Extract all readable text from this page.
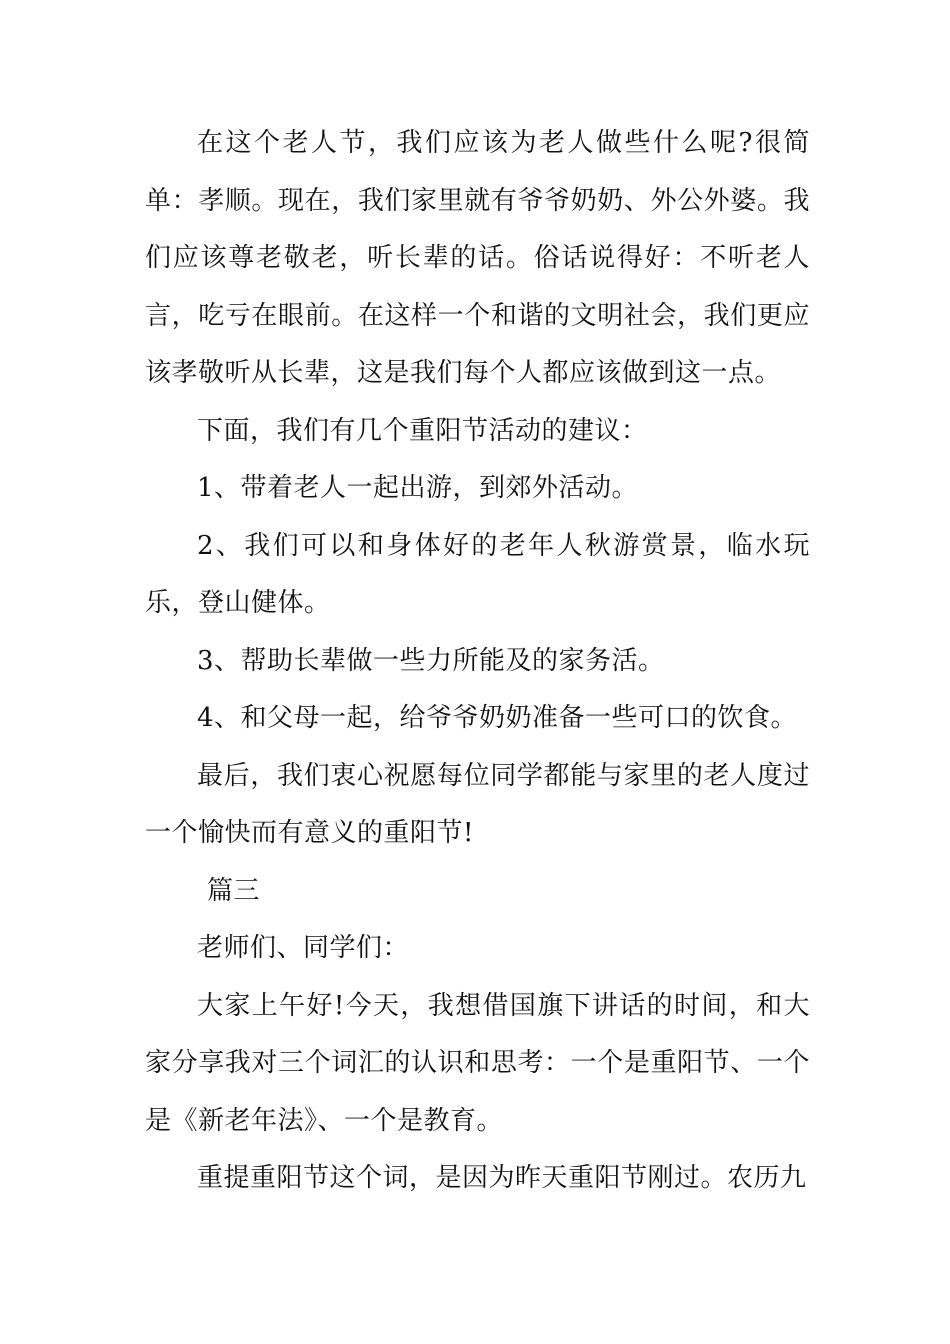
在这个老人节，我们应该为老人做些什么呢?很简单：孝顺。现在，我们家里就有爷爷奶奶、外公外婆。我们应该尊老敬老，听长辈的话。俗话说得好：不听老人言，吃亏在眼前。在这样一个和谐的文明社会，我们更应该孝敬听从长辈，这是我们每个人都应该做到这一点。

下面，我们有几个重阳节活动的建议：

1、带着老人一起出游，到郊外活动。

2、我们可以和身体好的老年人秋游赏景，临水玩乐，登山健体。

3、帮助长辈做一些力所能及的家务活。

4、和父母一起，给爷爷奶奶准备一些可口的饮食。

最后，我们衷心祝愿每位同学都能与家里的老人度过一个愉快而有意义的重阳节!

篇三

老师们、同学们：

大家上午好!今天，我想借国旗下讲话的时间，和大家分享我对三个词汇的认识和思考：一个是重阳节、一个是《新老年法》、一个是教育。

重提重阳节这个词，是因为昨天重阳节刚过。农历九
